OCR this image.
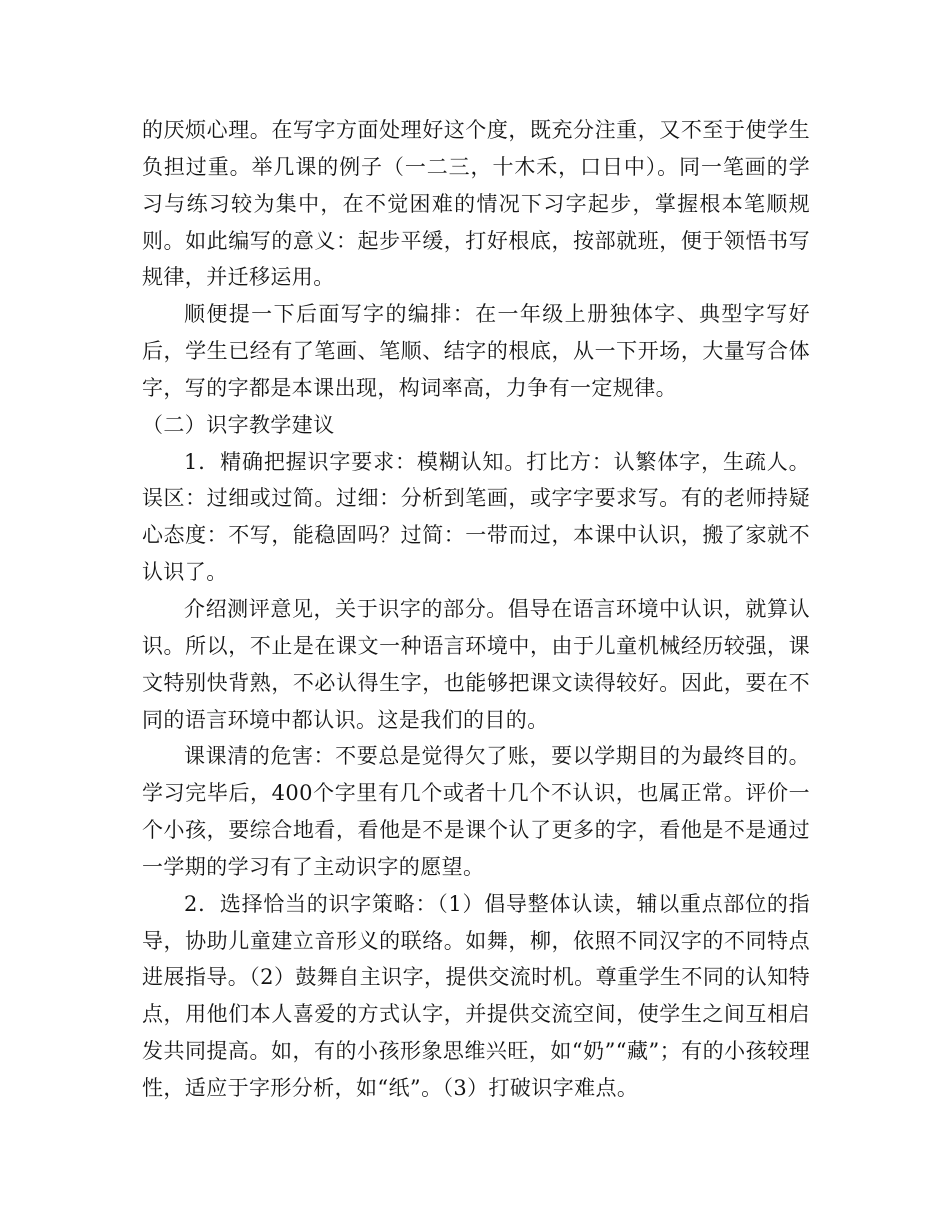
的厌烦心理。在写字方面处理好这个度，既充分注重，又不至于使学生负担过重。举几课的例子（一二三，十木禾，口日中）。同一笔画的学习与练习较为集中，在不觉困难的情况下习字起步，掌握根本笔顺规则。如此编写的意义：起步平缓，打好根底，按部就班，便于领悟书写规律，并迁移运用。

顺便提一下后面写字的编排：在一年级上册独体字、典型字写好后，学生已经有了笔画、笔顺、结字的根底，从一下开场，大量写合体字，写的字都是本课出现，构词率高，力争有一定规律。

（二）识字教学建议

1．精确把握识字要求：模糊认知。打比方：认繁体字，生疏人。误区：过细或过简。过细：分析到笔画，或字字要求写。有的老师持疑心态度：不写，能稳固吗？过简：一带而过，本课中认识，搬了家就不认识了。

介绍测评意见，关于识字的部分。倡导在语言环境中认识，就算认识。所以，不止是在课文一种语言环境中，由于儿童机械经历较强，课文特别快背熟，不必认得生字，也能够把课文读得较好。因此，要在不同的语言环境中都认识。这是我们的目的。

课课清的危害：不要总是觉得欠了账，要以学期目的为最终目的。学习完毕后，400个字里有几个或者十几个不认识，也属正常。评价一个小孩，要综合地看，看他是不是课个认了更多的字，看他是不是通过一学期的学习有了主动识字的愿望。

2．选择恰当的识字策略：（1）倡导整体认读，辅以重点部位的指导，协助儿童建立音形义的联络。如舞，柳，依照不同汉字的不同特点进展指导。（2）鼓舞自主识字，提供交流时机。尊重学生不同的认知特点，用他们本人喜爱的方式认字，并提供交流空间，使学生之间互相启发共同提高。如，有的小孩形象思维兴旺，如“奶”“藏”；有的小孩较理性，适应于字形分析，如“纸”。（3）打破识字难点。
